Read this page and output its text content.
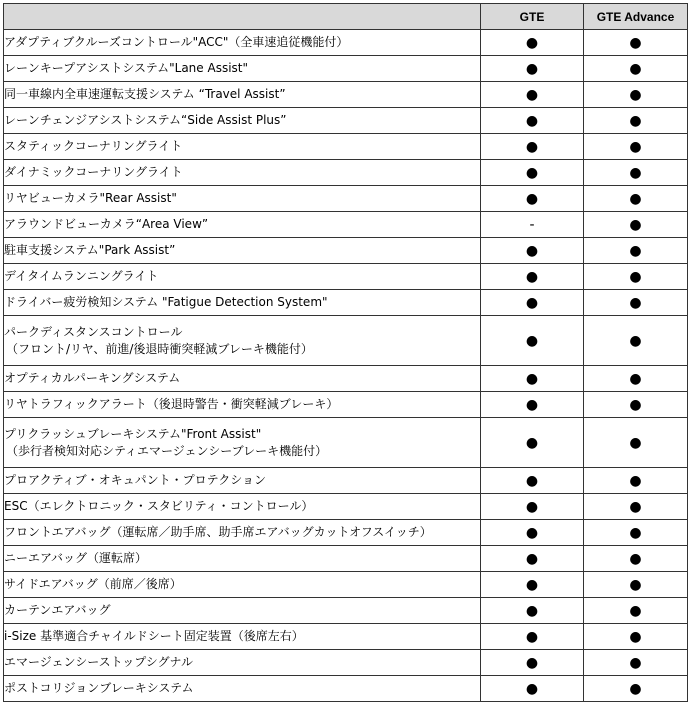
	GTE	GTE Advance

アダプティブクルーズコントロール"ACC"（全車速追従機能付）	●	●

レーンキープアシストシステム"Lane Assist"	●	●

同一車線内全車速運転支援システム “Travel Assist”	●	●

レーンチェンジアシストシステム“Side Assist Plus”	●	●

スタティックコーナリングライト	●	●

ダイナミックコーナリングライト	●	●

リヤビューカメラ"Rear Assist"	●	●

アラウンドビューカメラ“Area View”	-	●

駐車支援システム"Park Assist”	●	●

デイタイムランニングライト	●	●

ドライバー疲労検知システム "Fatigue Detection System"	●	●

パークディスタンスコントロール
（フロント/リヤ、前進/後退時衝突軽減ブレーキ機能付）	●	●

オプティカルパーキングシステム	●	●

リヤトラフィックアラート（後退時警告・衝突軽減ブレーキ）	●	●

プリクラッシュブレーキシステム"Front Assist"
（歩行者検知対応シティエマージェンシーブレーキ機能付）	●	●

プロアクティブ・オキュパント・プロテクション	●	●

ESC（エレクトロニック・スタビリティ・コントロール）	●	●

フロントエアバッグ（運転席／助手席、助手席エアバッグカットオフスイッチ）	●	●

ニーエアバッグ（運転席）	●	●

サイドエアバッグ（前席／後席）	●	●

カーテンエアバッグ	●	●

i-Size 基準適合チャイルドシート固定装置（後席左右）	●	●

エマージェンシーストップシグナル	●	●

ポストコリジョンブレーキシステム	●	●
